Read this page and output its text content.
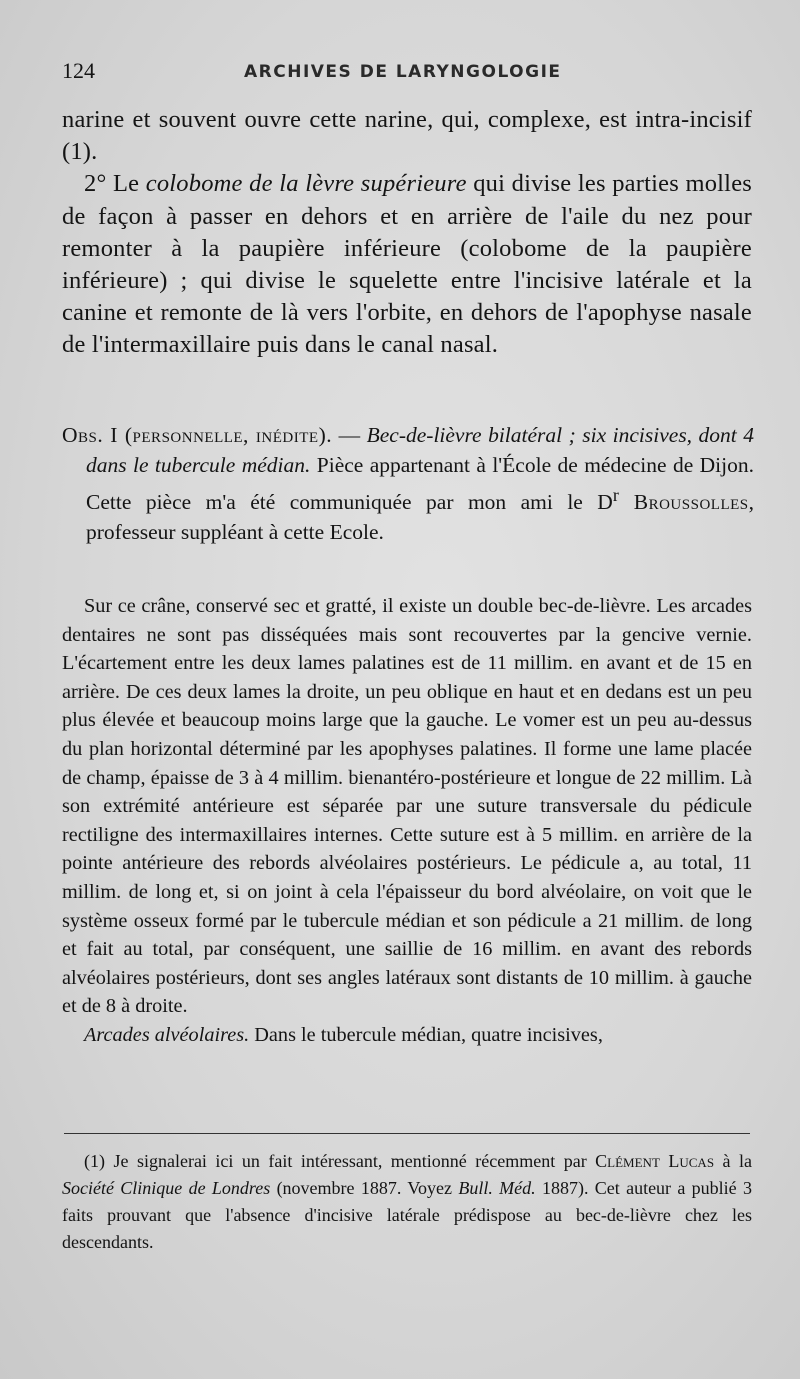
124	ARCHIVES DE LARYNGOLOGIE

narine et souvent ouvre cette narine, qui, complexe, est intra-incisif (1).

2° Le colobome de la lèvre supérieure qui divise les parties molles de façon à passer en dehors et en arrière de l'aile du nez pour remonter à la paupière inférieure (colobome de la paupière inférieure) ; qui divise le squelette entre l'incisive latérale et la canine et remonte de là vers l'orbite, en dehors de l'apophyse nasale de l'intermaxillaire puis dans le canal nasal.

Obs. I (personnelle, inédite). — Bec-de-lièvre bilatéral ; six incisives, dont 4 dans le tubercule médian. Pièce appartenant à l'École de médecine de Dijon. Cette pièce m'a été communiquée par mon ami le $D^r$ Broussolles, professeur suppléant à cette Ecole.

Sur ce crâne, conservé sec et gratté, il existe un double bec-de-lièvre. Les arcades dentaires ne sont pas disséquées mais sont recouvertes par la gencive vernie. L'écartement entre les deux lames palatines est de 11 millim. en avant et de 15 en arrière. De ces deux lames la droite, un peu oblique en haut et en dedans est un peu plus élevée et beaucoup moins large que la gauche. Le vomer est un peu au-dessus du plan horizontal déterminé par les apophyses palatines. Il forme une lame placée de champ, épaisse de 3 à 4 millim. bienantéro-postérieure et longue de 22 millim. Là son extrémité antérieure est séparée par une suture transversale du pédicule rectiligne des intermaxillaires internes. Cette suture est à 5 millim. en arrière de la pointe antérieure des rebords alvéolaires postérieurs. Le pédicule a, au total, 11 millim. de long et, si on joint à cela l'épaisseur du bord alvéolaire, on voit que le système osseux formé par le tubercule médian et son pédicule a 21 millim. de long et fait au total, par conséquent, une saillie de 16 millim. en avant des rebords alvéolaires postérieurs, dont ses angles latéraux sont distants de 10 millim. à gauche et de 8 à droite.

Arcades alvéolaires. Dans le tubercule médian, quatre incisives,

(1) Je signalerai ici un fait intéressant, mentionné récemment par Clément Lucas à la Société Clinique de Londres (novembre 1887. Voyez Bull. Méd. 1887). Cet auteur a publié 3 faits prouvant que l'absence d'incisive latérale prédispose au bec-de-lièvre chez les descendants.
